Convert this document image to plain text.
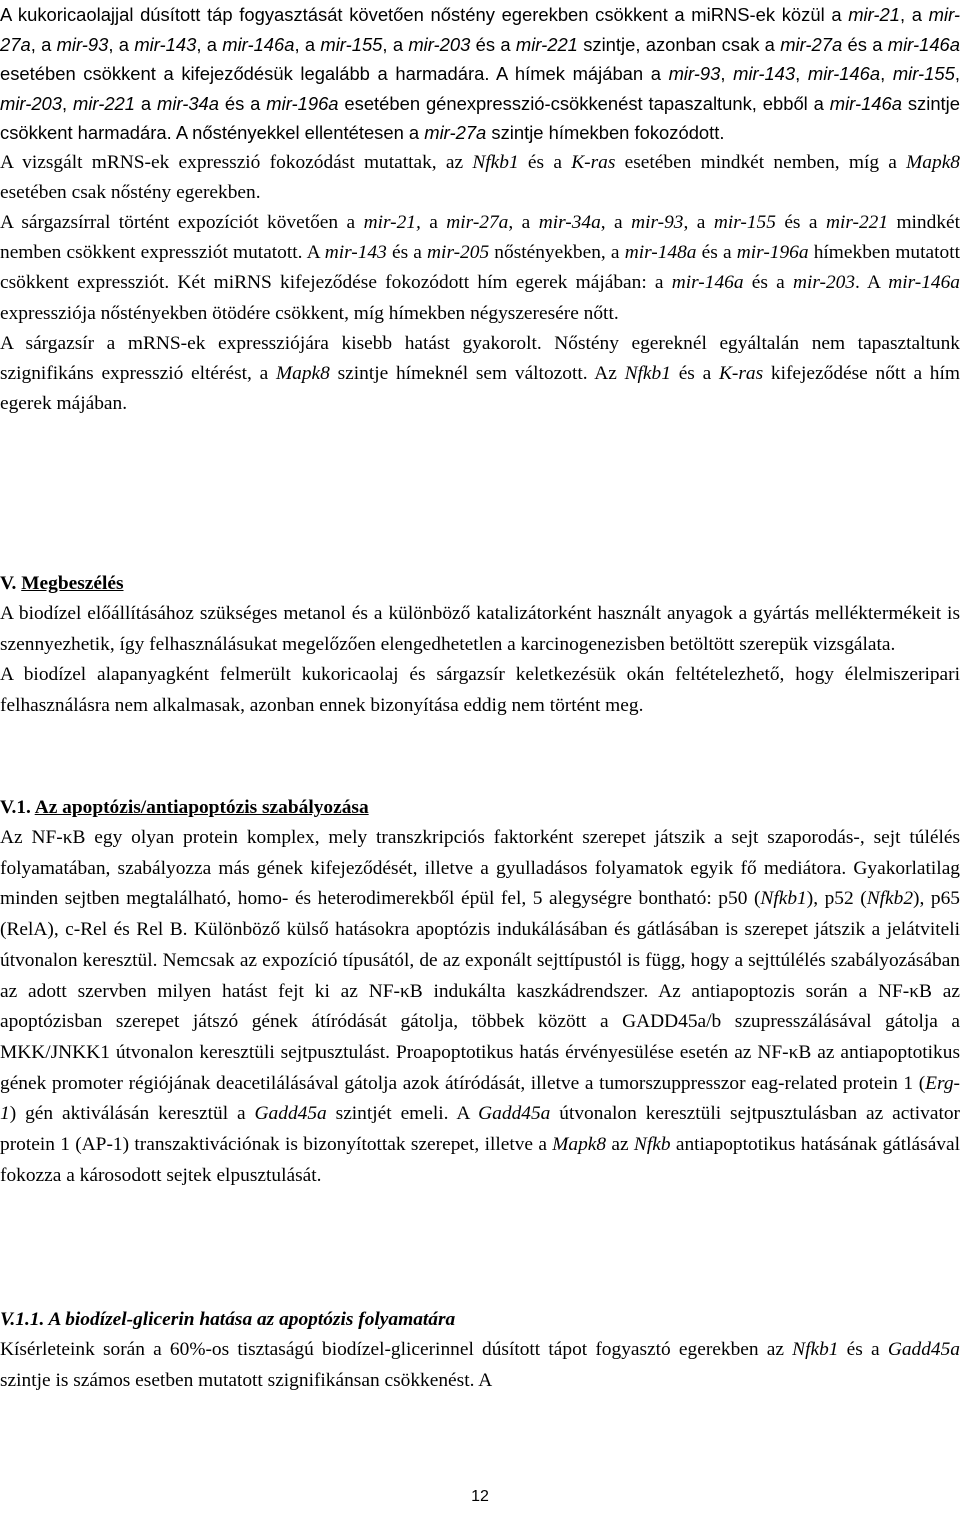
A kukoricaolajjal dúsított táp fogyasztását követően nőstény egerekben csökkent a miRNS-ek közül a mir-21, a mir-27a, a mir-93, a mir-143, a mir-146a, a mir-155, a mir-203 és a mir-221 szintje, azonban csak a mir-27a és a mir-146a esetében csökkent a kifejeződésük legalább a harmadára. A hímek májában a mir-93, mir-143, mir-146a, mir-155, mir-203, mir-221 a mir-34a és a mir-196a esetében génexpresszió-csökkenést tapaszaltunk, ebből a mir-146a szintje csökkent harmadára. A nőstényekkel ellentétesen a mir-27a szintje hímekben fokozódott.

A vizsgált mRNS-ek expresszió fokozódást mutattak, az Nfkb1 és a K-ras esetében mindkét nemben, míg a Mapk8 esetében csak nőstény egerekben.

A sárgazsírral történt expozíciót követően a mir-21, a mir-27a, a mir-34a, a mir-93, a mir-155 és a mir-221 mindkét nemben csökkent expressziót mutatott. A mir-143 és a mir-205 nőstényekben, a mir-148a és a mir-196a hímekben mutatott csökkent expressziót. Két miRNS kifejeződése fokozódott hím egerek májában: a mir-146a és a mir-203. A mir-146a expressziója nőstényekben ötödére csökkent, míg hímekben négyszeresére nőtt.

A sárgazsír a mRNS-ek expressziójára kisebb hatást gyakorolt. Nőstény egereknél egyáltalán nem tapasztaltunk szignifikáns expresszió eltérést, a Mapk8 szintje hímeknél sem változott. Az Nfkb1 és a K-ras kifejeződése nőtt a hím egerek májában.

V. Megbeszélés

A biodízel előállításához szükséges metanol és a különböző katalizátorként használt anyagok a gyártás melléktermékeit is szennyezhetik, így felhasználásukat megelőzően elengedhetetlen a karcinogenezisben betöltött szerepük vizsgálata.

A biodízel alapanyagként felmerült kukoricaolaj és sárgazsír keletkezésük okán feltételezhető, hogy élelmiszeripari felhasználásra nem alkalmasak, azonban ennek bizonyítása eddig nem történt meg.

V.1. Az apoptózis/antiapoptózis szabályozása

Az NF-κB egy olyan protein komplex, mely transzkripciós faktorként szerepet játszik a sejt szaporodás-, sejt túlélés folyamatában, szabályozza más gének kifejeződését, illetve a gyulladásos folyamatok egyik fő mediátora. Gyakorlatilag minden sejtben megtalálható, homo- és heterodimerekből épül fel, 5 alegységre bontható: p50 (Nfkb1), p52 (Nfkb2), p65 (RelA), c-Rel és Rel B. Különböző külső hatásokra apoptózis indukálásában és gátlásában is szerepet játszik a jelátviteli útvonalon keresztül. Nemcsak az expozíció típusától, de az exponált sejttípustól is függ, hogy a sejttúlélés szabályozásában az adott szervben milyen hatást fejt ki az NF-κB indukálta kaszkádrendszer. Az antiapoptozis során a NF-κB az apoptózisban szerepet játszó gének átíródását gátolja, többek között a GADD45a/b szupresszálásával gátolja a MKK/JNKK1 útvonalon keresztüli sejtpusztulást. Proapoptotikus hatás érvényesülése esetén az NF-κB az antiapoptotikus gének promoter régiójának deacetilálásával gátolja azok átíródását, illetve a tumorszuppresszor eag-related protein 1 (Erg-1) gén aktiválásán keresztül a Gadd45a szintjét emeli. A Gadd45a útvonalon keresztüli sejtpusztulásban az activator protein 1 (AP-1) transzaktivációnak is bizonyítottak szerepet, illetve a Mapk8 az Nfkb antiapoptotikus hatásának gátlásával fokozza a károsodott sejtek elpusztulását.

V.1.1. A biodízel-glicerin hatása az apoptózis folyamatára

Kísérleteink során a 60%-os tisztaságú biodízel-glicerinnel dúsított tápot fogyasztó egerekben az Nfkb1 és a Gadd45a szintje is számos esetben mutatott szignifikánsan csökkenést. A

12
